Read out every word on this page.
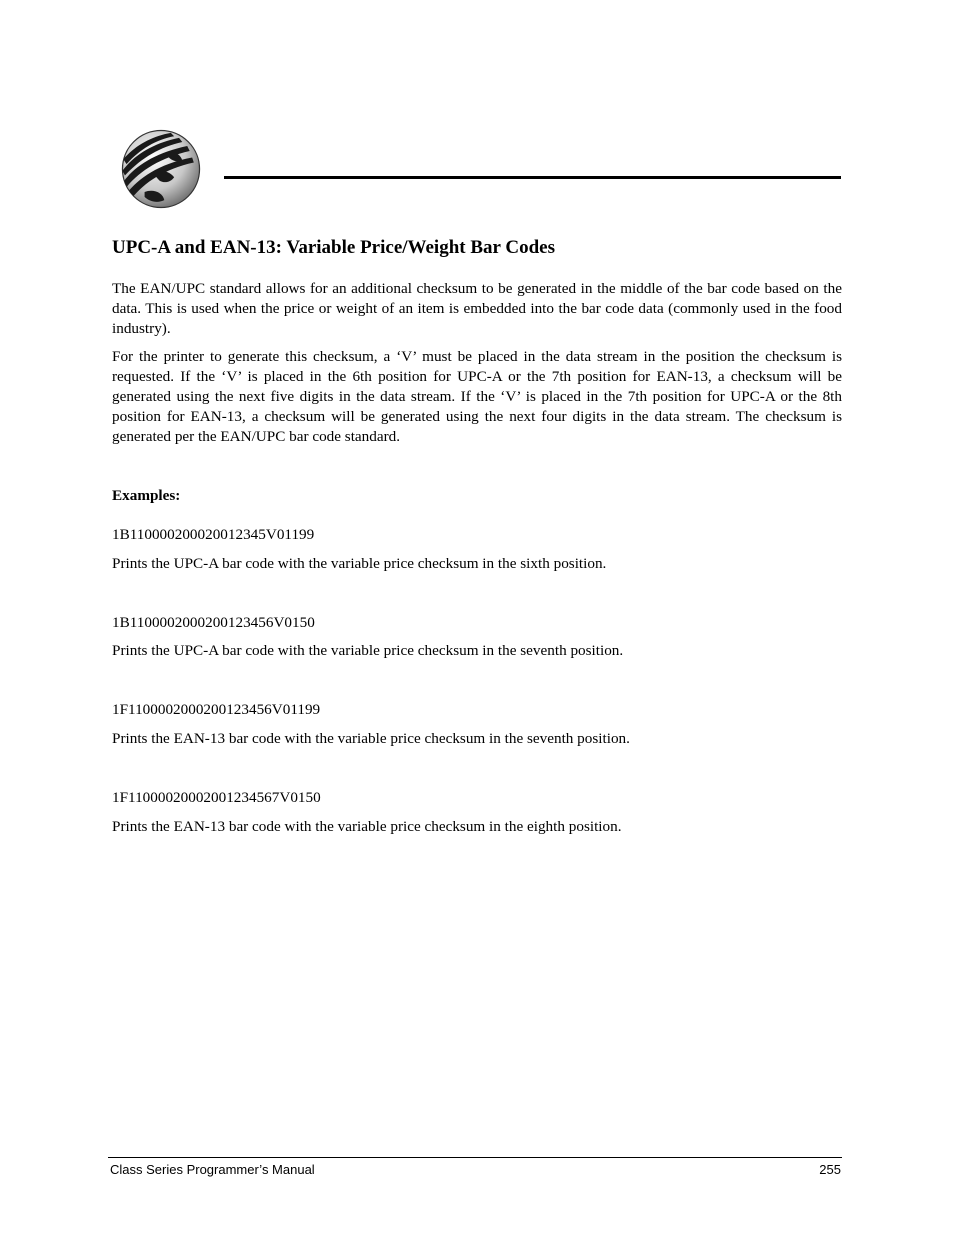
UPC-A and EAN-13: Variable Price/Weight Bar Codes

The EAN/UPC standard allows for an additional checksum to be generated in the middle of the bar code based on the data. This is used when the price or weight of an item is embedded into the bar code data (commonly used in the food industry).

For the printer to generate this checksum, a ‘V’ must be placed in the data stream in the position the checksum is requested. If the ‘V’ is placed in the 6th position for UPC-A or the 7th position for EAN-13, a checksum will be generated using the next five digits in the data stream. If the ‘V’ is placed in the 7th position for UPC-A or the 8th position for EAN-13, a checksum will be generated using the next four digits in the data stream. The checksum is generated per the EAN/UPC bar code standard.

Examples:
1B110000200020012345V01199
Prints the UPC-A bar code with the variable price checksum in the sixth position.
1B1100002000200123456V0150
Prints the UPC-A bar code with the variable price checksum in the seventh position.
1F1100002000200123456V01199
Prints the EAN-13 bar code with the variable price checksum in the seventh position.
1F11000020002001234567V0150
Prints the EAN-13 bar code with the variable price checksum in the eighth position.
Class Series Programmer’s Manual	255
